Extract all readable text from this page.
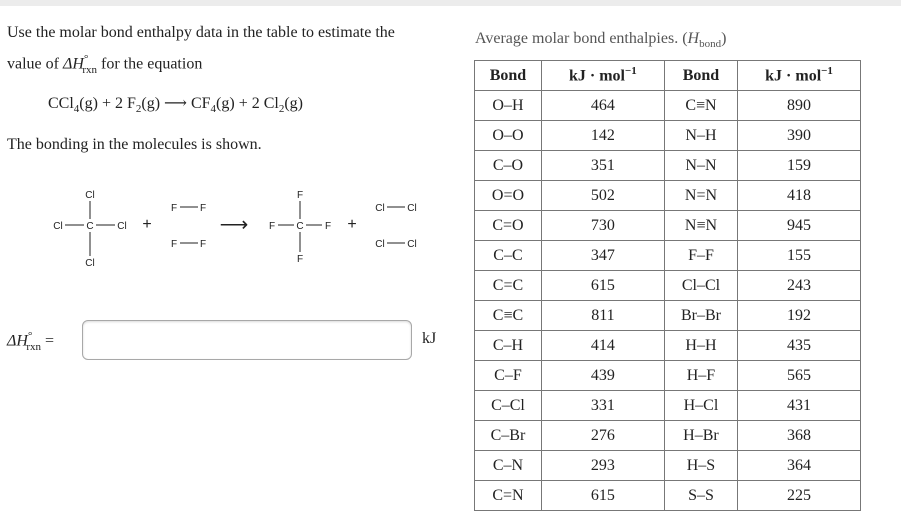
Use the molar bond enthalpy data in the table to estimate the
value of $\Delta H^\circ_{rxn}$ for the equation
CCl$_4$(g) + 2 $F_2(g)$ ⟶ $CF_4(g) + 2$ $Cl_2(g)$
The bonding in the molecules is shown.
Cl
Cl
Cl	Cl
C	+
F F
F F
⟶
F
F
F	F
C	+
Cl Cl
Cl Cl
$\Delta H^\circ_{rxn}$ =	kJ
Average molar bond enthalpies. $(H_{bond})$
Bond	kJ · mol$^{-1}$	Bond	kJ · mol$^{-1}$
O–H	464	C≡N	890
O–O	142	N–H	390
C–O	351	N–N	159
O=O	502	N=N	418
C=O	730	N≡N	945
C–C	347	F–F	155
C=C	615	Cl–Cl	243
C≡C	811	Br–Br	192
C–H	414	H–H	435
C–F	439	H–F	565
C–Cl	331	H–Cl	431
C–Br	276	H–Br	368
C–N	293	H–S	364
C=N	615	S–S	225
